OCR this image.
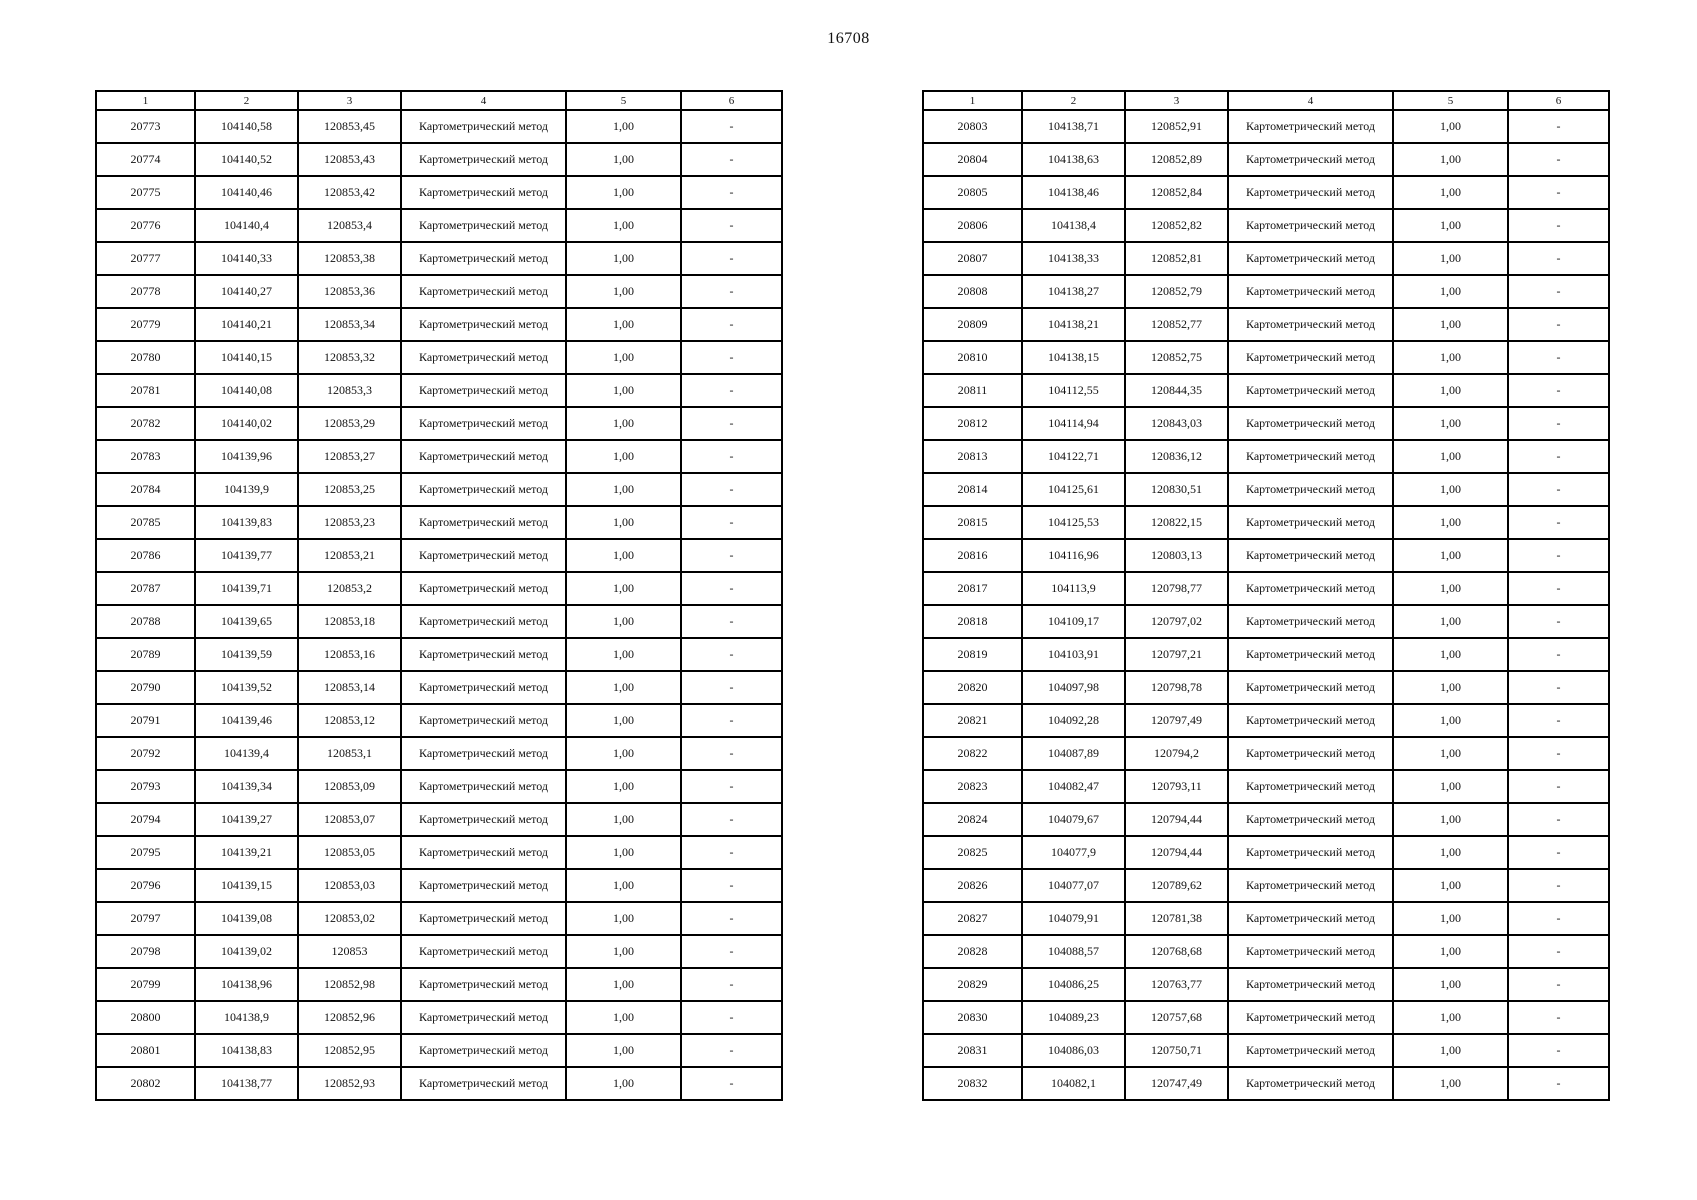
16708
1	2	3	4	5	6
20773	104140,58	120853,45	Картометрический метод	1,00	-
20774	104140,52	120853,43	Картометрический метод	1,00	-
20775	104140,46	120853,42	Картометрический метод	1,00	-
20776	104140,4	120853,4	Картометрический метод	1,00	-
20777	104140,33	120853,38	Картометрический метод	1,00	-
20778	104140,27	120853,36	Картометрический метод	1,00	-
20779	104140,21	120853,34	Картометрический метод	1,00	-
20780	104140,15	120853,32	Картометрический метод	1,00	-
20781	104140,08	120853,3	Картометрический метод	1,00	-
20782	104140,02	120853,29	Картометрический метод	1,00	-
20783	104139,96	120853,27	Картометрический метод	1,00	-
20784	104139,9	120853,25	Картометрический метод	1,00	-
20785	104139,83	120853,23	Картометрический метод	1,00	-
20786	104139,77	120853,21	Картометрический метод	1,00	-
20787	104139,71	120853,2	Картометрический метод	1,00	-
20788	104139,65	120853,18	Картометрический метод	1,00	-
20789	104139,59	120853,16	Картометрический метод	1,00	-
20790	104139,52	120853,14	Картометрический метод	1,00	-
20791	104139,46	120853,12	Картометрический метод	1,00	-
20792	104139,4	120853,1	Картометрический метод	1,00	-
20793	104139,34	120853,09	Картометрический метод	1,00	-
20794	104139,27	120853,07	Картометрический метод	1,00	-
20795	104139,21	120853,05	Картометрический метод	1,00	-
20796	104139,15	120853,03	Картометрический метод	1,00	-
20797	104139,08	120853,02	Картометрический метод	1,00	-
20798	104139,02	120853	Картометрический метод	1,00	-
20799	104138,96	120852,98	Картометрический метод	1,00	-
20800	104138,9	120852,96	Картометрический метод	1,00	-
20801	104138,83	120852,95	Картометрический метод	1,00	-
20802	104138,77	120852,93	Картометрический метод	1,00	-
1	2	3	4	5	6
20803	104138,71	120852,91	Картометрический метод	1,00	-
20804	104138,63	120852,89	Картометрический метод	1,00	-
20805	104138,46	120852,84	Картометрический метод	1,00	-
20806	104138,4	120852,82	Картометрический метод	1,00	-
20807	104138,33	120852,81	Картометрический метод	1,00	-
20808	104138,27	120852,79	Картометрический метод	1,00	-
20809	104138,21	120852,77	Картометрический метод	1,00	-
20810	104138,15	120852,75	Картометрический метод	1,00	-
20811	104112,55	120844,35	Картометрический метод	1,00	-
20812	104114,94	120843,03	Картометрический метод	1,00	-
20813	104122,71	120836,12	Картометрический метод	1,00	-
20814	104125,61	120830,51	Картометрический метод	1,00	-
20815	104125,53	120822,15	Картометрический метод	1,00	-
20816	104116,96	120803,13	Картометрический метод	1,00	-
20817	104113,9	120798,77	Картометрический метод	1,00	-
20818	104109,17	120797,02	Картометрический метод	1,00	-
20819	104103,91	120797,21	Картометрический метод	1,00	-
20820	104097,98	120798,78	Картометрический метод	1,00	-
20821	104092,28	120797,49	Картометрический метод	1,00	-
20822	104087,89	120794,2	Картометрический метод	1,00	-
20823	104082,47	120793,11	Картометрический метод	1,00	-
20824	104079,67	120794,44	Картометрический метод	1,00	-
20825	104077,9	120794,44	Картометрический метод	1,00	-
20826	104077,07	120789,62	Картометрический метод	1,00	-
20827	104079,91	120781,38	Картометрический метод	1,00	-
20828	104088,57	120768,68	Картометрический метод	1,00	-
20829	104086,25	120763,77	Картометрический метод	1,00	-
20830	104089,23	120757,68	Картометрический метод	1,00	-
20831	104086,03	120750,71	Картометрический метод	1,00	-
20832	104082,1	120747,49	Картометрический метод	1,00	-
